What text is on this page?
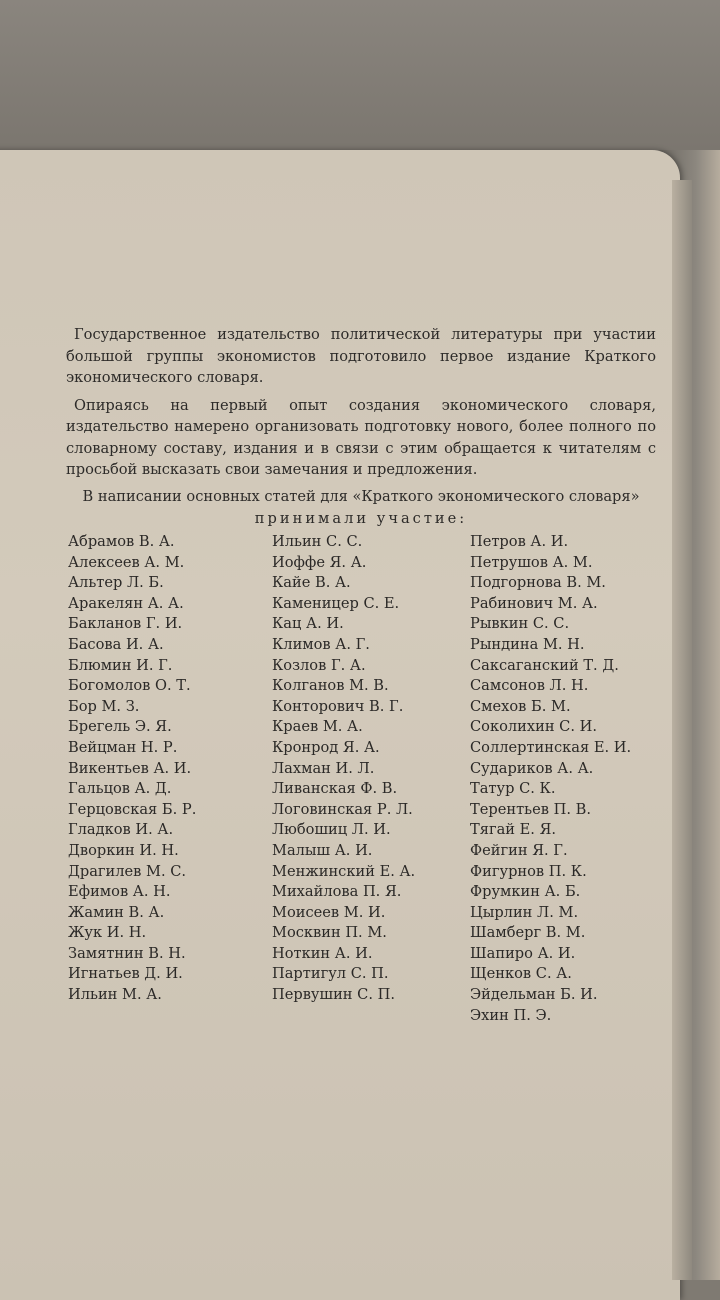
Государственное издательство политической литературы при участии большой группы экономистов подготовило первое издание Краткого экономического словаря.

Опираясь на первый опыт создания экономического словаря, издательство намерено организовать подготовку нового, более полного по словарному составу, издания и в связи с этим обращается к читателям с просьбой высказать свои замечания и предложения.

В написании основных статей для «Краткого экономического словаря»
принимали участие:
Абрамов В. А.
Алексеев А. М.
Альтер Л. Б.
Аракелян А. А.
Бакланов Г. И.
Басова И. А.
Блюмин И. Г.
Богомолов О. Т.
Бор М. З.
Брегель Э. Я.
Вейцман Н. Р.
Викентьев А. И.
Гальцов А. Д.
Герцовская Б. Р.
Гладков И. А.
Дворкин И. Н.
Драгилев М. С.
Ефимов А. Н.
Жамин В. А.
Жук И. Н.
Замятнин В. Н.
Игнатьев Д. И.
Ильин М. А.
Ильин С. С.
Иоффе Я. А.
Кайе В. А.
Каменицер С. Е.
Кац А. И.
Климов А. Г.
Козлов Г. А.
Колганов М. В.
Конторович В. Г.
Краев М. А.
Кронрод Я. А.
Лахман И. Л.
Ливанская Ф. В.
Логовинская Р. Л.
Любошиц Л. И.
Малыш А. И.
Менжинский Е. А.
Михайлова П. Я.
Моисеев М. И.
Москвин П. М.
Ноткин А. И.
Партигул С. П.
Первушин С. П.
Петров А. И.
Петрушов А. М.
Подгорнова В. М.
Рабинович М. А.
Рывкин С. С.
Рындина М. Н.
Саксаганский Т. Д.
Самсонов Л. Н.
Смехов Б. М.
Соколихин С. И.
Соллертинская Е. И.
Судариков А. А.
Татур С. К.
Терентьев П. В.
Тягай Е. Я.
Фейгин Я. Г.
Фигурнов П. К.
Фрумкин А. Б.
Цырлин Л. М.
Шамберг В. М.
Шапиро А. И.
Щенков С. А.
Эйдельман Б. И.
Эхин П. Э.
